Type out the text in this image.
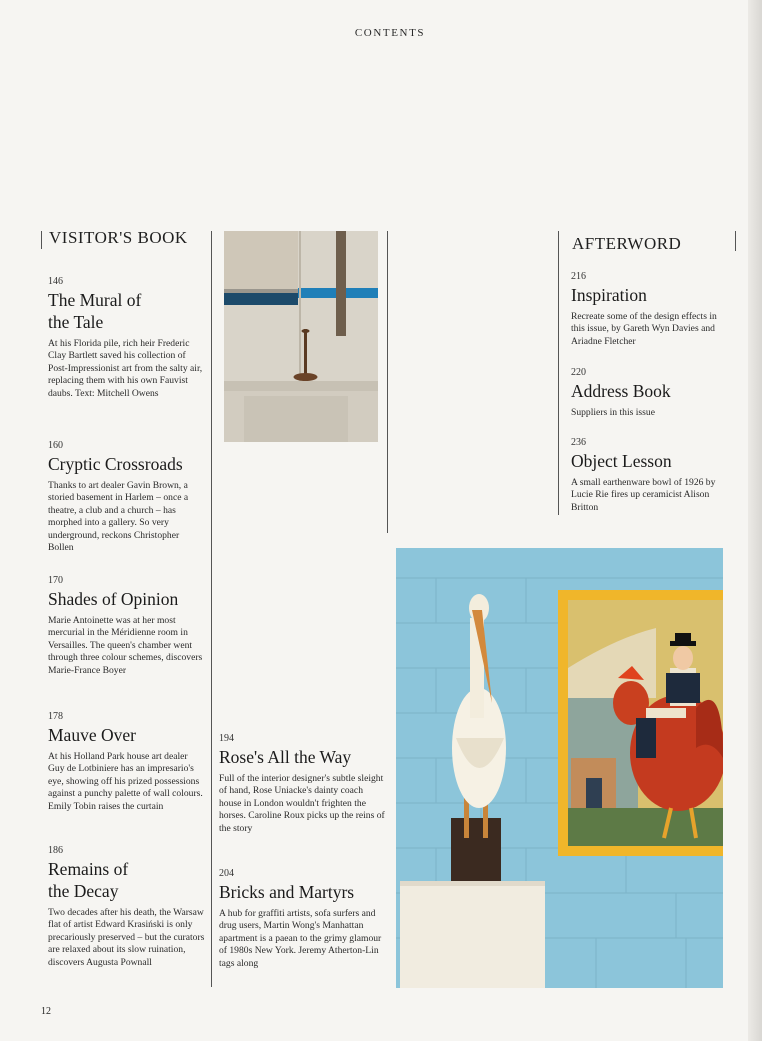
CONTENTS
VISITOR'S BOOK
146
The Mural of
the Tale
At his Florida pile, rich heir Frederic Clay Bartlett saved his collection of Post-Impressionist art from the salty air, replacing them with his own Fauvist daubs. Text: Mitchell Owens
160
Cryptic Crossroads
Thanks to art dealer Gavin Brown, a storied basement in Harlem – once a theatre, a club and a church – has morphed into a gallery. So very underground, reckons Christopher Bollen
170
Shades of Opinion
Marie Antoinette was at her most mercurial in the Méridienne room in Versailles. The queen's chamber went through three colour schemes, discovers Marie-France Boyer
178
Mauve Over
At his Holland Park house art dealer Guy de Lotbiniere has an impresario's eye, showing off his prized possessions against a punchy palette of wall colours. Emily Tobin raises the curtain
186
Remains of
the Decay
Two decades after his death, the Warsaw flat of artist Edward Krasiński is only precariously preserved – but the curators are relaxed about its slow ruination, discovers Augusta Pownall
194
Rose's All the Way
Full of the interior designer's subtle sleight of hand, Rose Uniacke's dainty coach house in London wouldn't frighten the horses. Caroline Roux picks up the reins of the story
204
Bricks and Martyrs
A hub for graffiti artists, sofa surfers and drug users, Martin Wong's Manhattan apartment is a paean to the grimy glamour of 1980s New York. Jeremy Atherton-Lin tags along
AFTERWORD
216
Inspiration
Recreate some of the design effects in this issue, by Gareth Wyn Davies and Ariadne Fletcher
220
Address Book
Suppliers in this issue
236
Object Lesson
A small earthenware bowl of 1926 by Lucie Rie fires up ceramicist Alison Britton
12
